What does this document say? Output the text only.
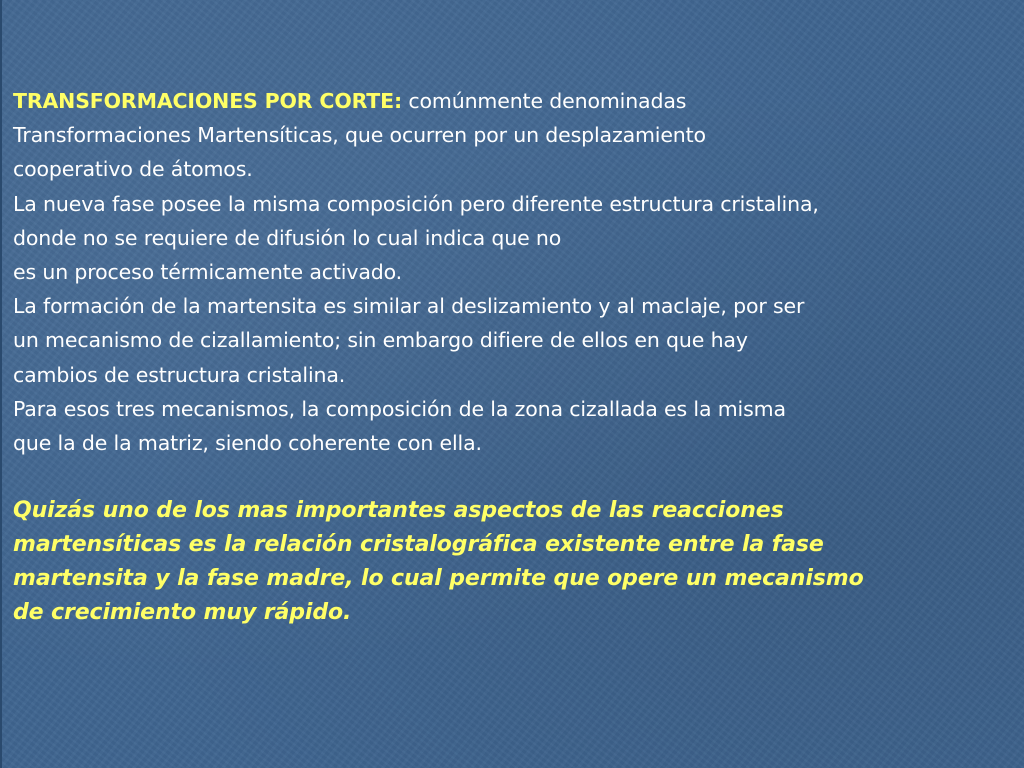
TRANSFORMACIONES POR CORTE: comúnmente denominadas
Transformaciones Martensíticas, que ocurren por un desplazamiento
cooperativo de átomos.
La nueva fase posee la misma composición pero diferente estructura cristalina,
donde no se requiere de difusión lo cual indica que no
es un proceso térmicamente activado.
La formación de la martensita es similar al deslizamiento y al maclaje, por ser
un mecanismo de cizallamiento; sin embargo difiere de ellos en que hay
cambios de estructura cristalina.
Para esos tres mecanismos, la composición de la zona cizallada es la misma
que la de la matriz, siendo coherente con ella.
Quizás uno de los mas importantes aspectos de las reacciones
martensíticas es la relación cristalográfica existente entre la fase
martensita y la fase madre, lo cual permite que opere un mecanismo
de crecimiento muy rápido.
